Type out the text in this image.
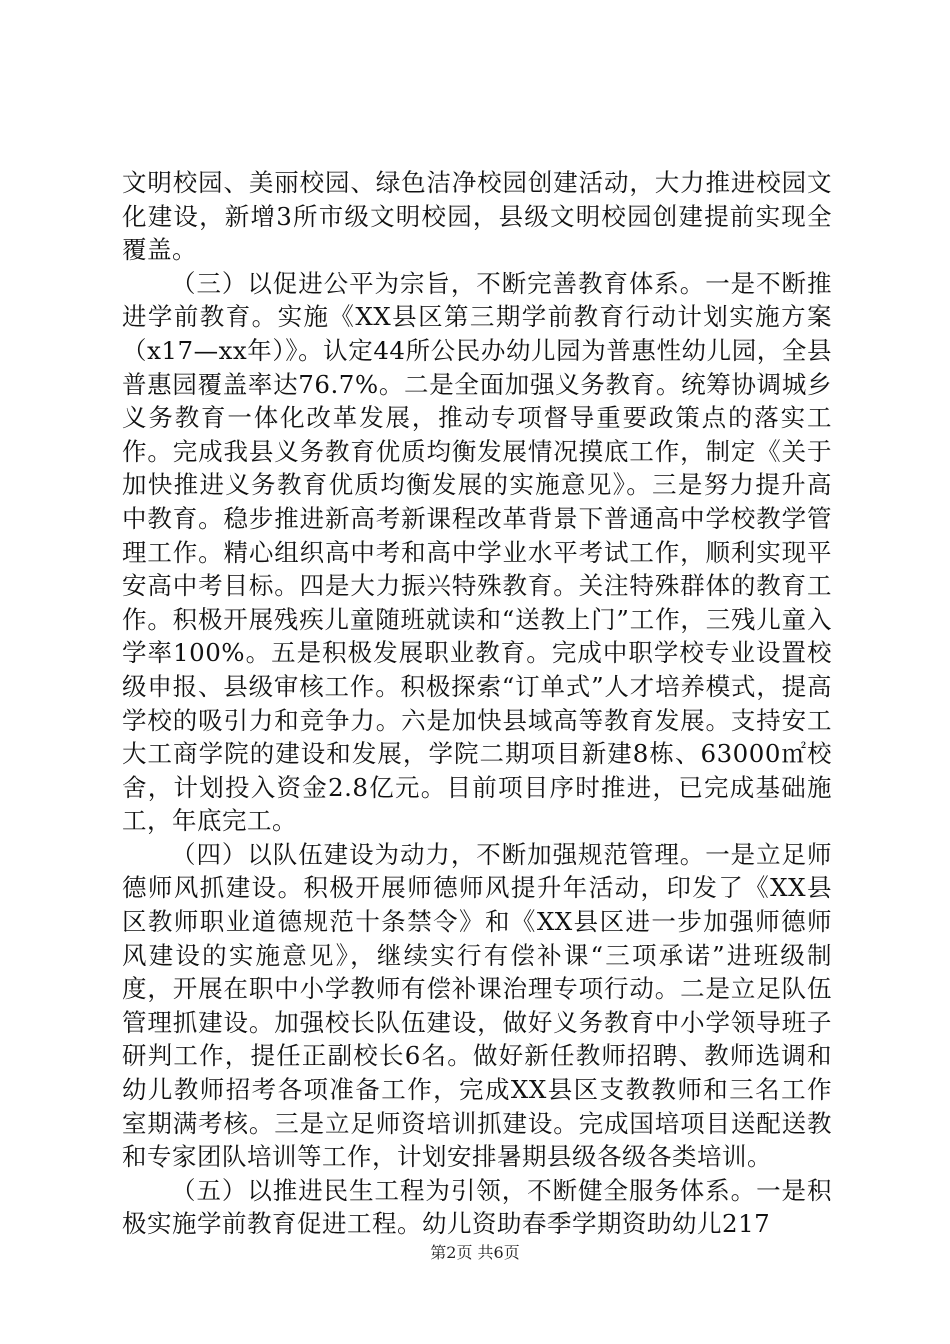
文明校园、美丽校园、绿色洁净校园创建活动，大力推进校园文化建设，新增3所市级文明校园，县级文明校园创建提前实现全覆盖。

（三）以促进公平为宗旨，不断完善教育体系。一是不断推进学前教育。实施《XX县区第三期学前教育行动计划实施方案（x17—xx年）》。认定44所公民办幼儿园为普惠性幼儿园，全县普惠园覆盖率达76.7%。二是全面加强义务教育。统筹协调城乡义务教育一体化改革发展，推动专项督导重要政策点的落实工作。完成我县义务教育优质均衡发展情况摸底工作，制定《关于加快推进义务教育优质均衡发展的实施意见》。三是努力提升高中教育。稳步推进新高考新课程改革背景下普通高中学校教学管理工作。精心组织高中考和高中学业水平考试工作，顺利实现平安高中考目标。四是大力振兴特殊教育。关注特殊群体的教育工作。积极开展残疾儿童随班就读和“送教上门”工作，三残儿童入学率100%。五是积极发展职业教育。完成中职学校专业设置校级申报、县级审核工作。积极探索“订单式”人才培养模式，提高学校的吸引力和竞争力。六是加快县域高等教育发展。支持安工大工商学院的建设和发展，学院二期项目新建8栋、63000㎡校舍，计划投入资金2.8亿元。目前项目序时推进，已完成基础施工，年底完工。

（四）以队伍建设为动力，不断加强规范管理。一是立足师德师风抓建设。积极开展师德师风提升年活动，印发了《XX县区教师职业道德规范十条禁令》和《XX县区进一步加强师德师风建设的实施意见》，继续实行有偿补课“三项承诺”进班级制度，开展在职中小学教师有偿补课治理专项行动。二是立足队伍管理抓建设。加强校长队伍建设，做好义务教育中小学领导班子研判工作，提任正副校长6名。做好新任教师招聘、教师选调和幼儿教师招考各项准备工作，完成XX县区支教教师和三名工作室期满考核。三是立足师资培训抓建设。完成国培项目送配送教和专家团队培训等工作，计划安排暑期县级各级各类培训。

（五）以推进民生工程为引领，不断健全服务体系。一是积极实施学前教育促进工程。幼儿资助春季学期资助幼儿217

第2页 共6页
